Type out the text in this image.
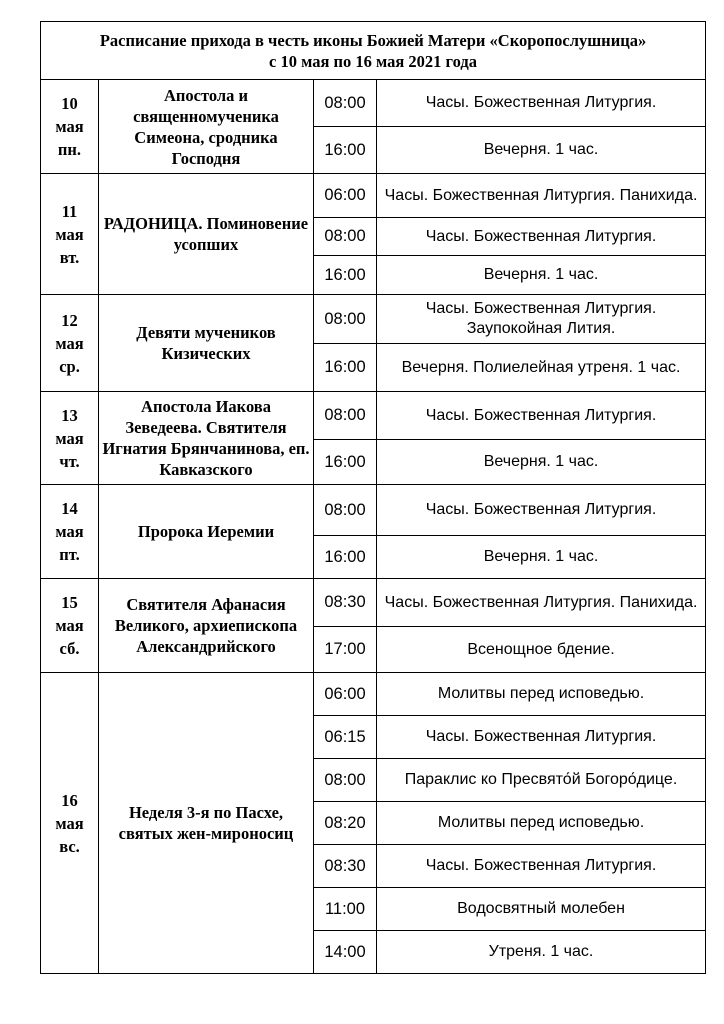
Расписание прихода в честь иконы Божией Матери «Скоропослушница»
с 10 мая по 16 мая 2021 года			

10
мая
пн.	Апостола и священномученика Симеона, сродника Господня	08:00	Часы. Божественная Литургия.
		16:00	Вечерня. 1 час.

11
мая
вт.	РАДОНИЦА. Поминовение усопших	06:00	Часы. Божественная Литургия. Панихида.
		08:00	Часы. Божественная Литургия.
		16:00	Вечерня. 1 час.

12
мая
ср.	Девяти мучеников Кизических	08:00	Часы. Божественная Литургия. Заупокойная Лития.
		16:00	Вечерня. Полиелейная утреня. 1 час.

13
мая
чт.	Апостола Иакова Зеведеева. Святителя Игнатия Брянчанинова, еп. Кавказского	08:00	Часы. Божественная Литургия.
		16:00	Вечерня. 1 час.

14
мая
пт.	Пророка Иеремии	08:00	Часы. Божественная Литургия.
		16:00	Вечерня. 1 час.

15
мая
сб.	Святителя Афанасия Великого, архиепископа Александрийского	08:30	Часы. Божественная Литургия. Панихида.
		17:00	Всенощное бдение.

16
мая
вс.	Неделя 3-я по Пасхе, святых жен-мироносиц	06:00	Молитвы перед исповедью.
		06:15	Часы. Божественная Литургия.
		08:00	Параклис ко Пресвято́й Богоро́дице.
		08:20	Молитвы перед исповедью.
		08:30	Часы. Божественная Литургия.
		11:00	Водосвятный молебен
		14:00	Утреня. 1 час.
